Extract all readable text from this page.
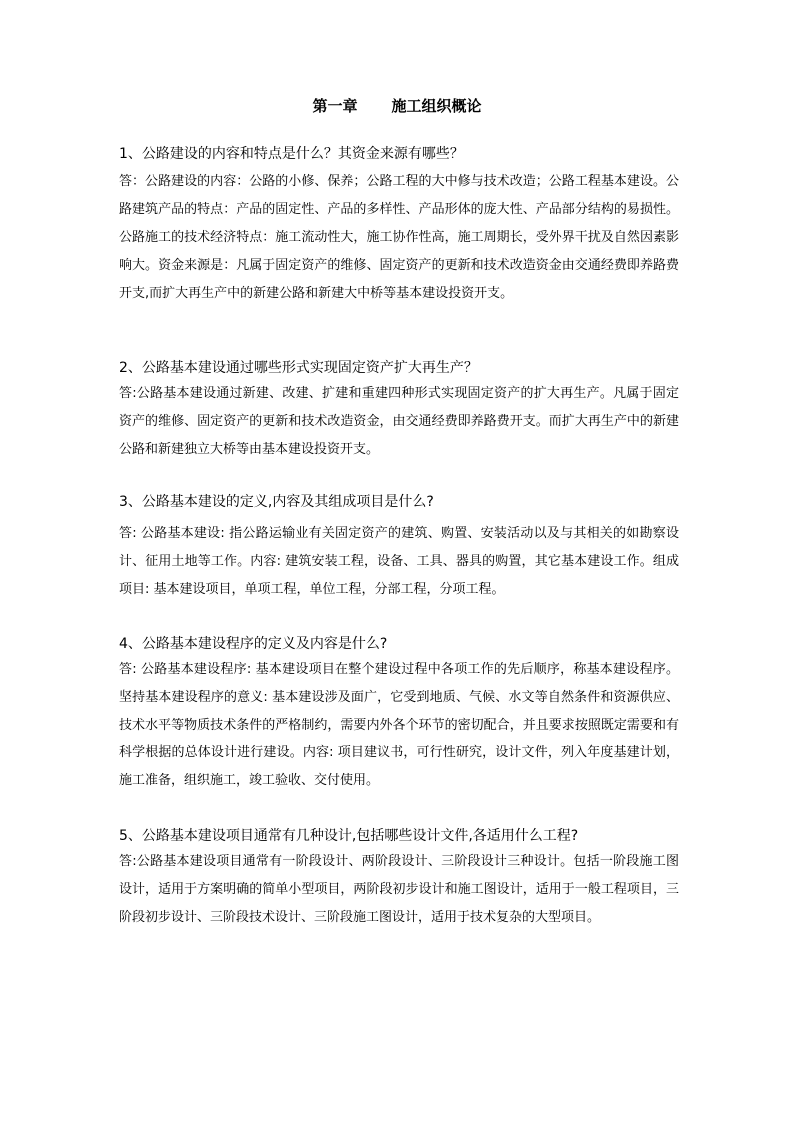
第一章 施工组织概论
1、公路建设的内容和特点是什么？其资金来源有哪些？
答：公路建设的内容：公路的小修、保养；公路工程的大中修与技术改造；公路工程基本建设。公路建筑产品的特点：产品的固定性、产品的多样性、产品形体的庞大性、产品部分结构的易损性。公路施工的技术经济特点：施工流动性大，施工协作性高，施工周期长，受外界干扰及自然因素影响大。资金来源是：凡属于固定资产的维修、固定资产的更新和技术改造资金由交通经费即养路费开支,而扩大再生产中的新建公路和新建大中桥等基本建设投资开支。
2、公路基本建设通过哪些形式实现固定资产扩大再生产？
答:公路基本建设通过新建、改建、扩建和重建四种形式实现固定资产的扩大再生产。凡属于固定资产的维修、固定资产的更新和技术改造资金，由交通经费即养路费开支。而扩大再生产中的新建公路和新建独立大桥等由基本建设投资开支。
3、公路基本建设的定义,内容及其组成项目是什么?
答: 公路基本建设: 指公路运输业有关固定资产的建筑、购置、安装活动以及与其相关的如勘察设计、征用土地等工作。内容: 建筑安装工程，设备、工具、器具的购置，其它基本建设工作。组成项目: 基本建设项目，单项工程，单位工程，分部工程，分项工程。
4、公路基本建设程序的定义及内容是什么?
答: 公路基本建设程序: 基本建设项目在整个建设过程中各项工作的先后顺序，称基本建设程序。坚持基本建设程序的意义: 基本建设涉及面广，它受到地质、气候、水文等自然条件和资源供应、技术水平等物质技术条件的严格制约，需要内外各个环节的密切配合，并且要求按照既定需要和有科学根据的总体设计进行建设。内容: 项目建议书，可行性研究，设计文件，列入年度基建计划，施工准备，组织施工，竣工验收、交付使用。
5、公路基本建设项目通常有几种设计,包括哪些设计文件,各适用什么工程?
答:公路基本建设项目通常有一阶段设计、两阶段设计、三阶段设计三种设计。包括一阶段施工图设计，适用于方案明确的简单小型项目，两阶段初步设计和施工图设计，适用于一般工程项目，三阶段初步设计、三阶段技术设计、三阶段施工图设计，适用于技术复杂的大型项目。
